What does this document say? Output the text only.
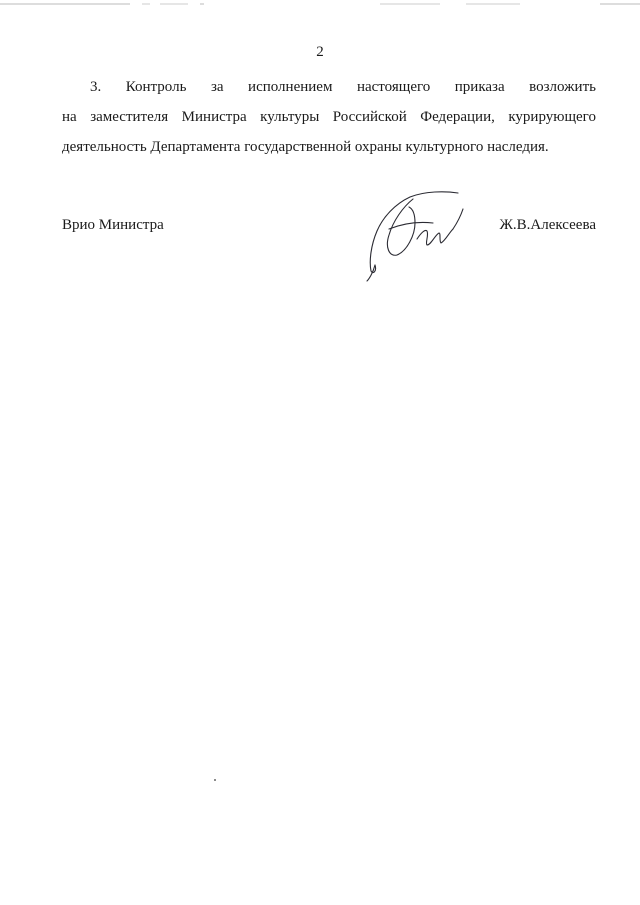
2
3. Контроль за исполнением настоящего приказа возложить
на заместителя Министра культуры Российской Федерации, курирующего
деятельность Департамента государственной охраны культурного наследия.
Врио Министра	Ж.В.Алексеева
